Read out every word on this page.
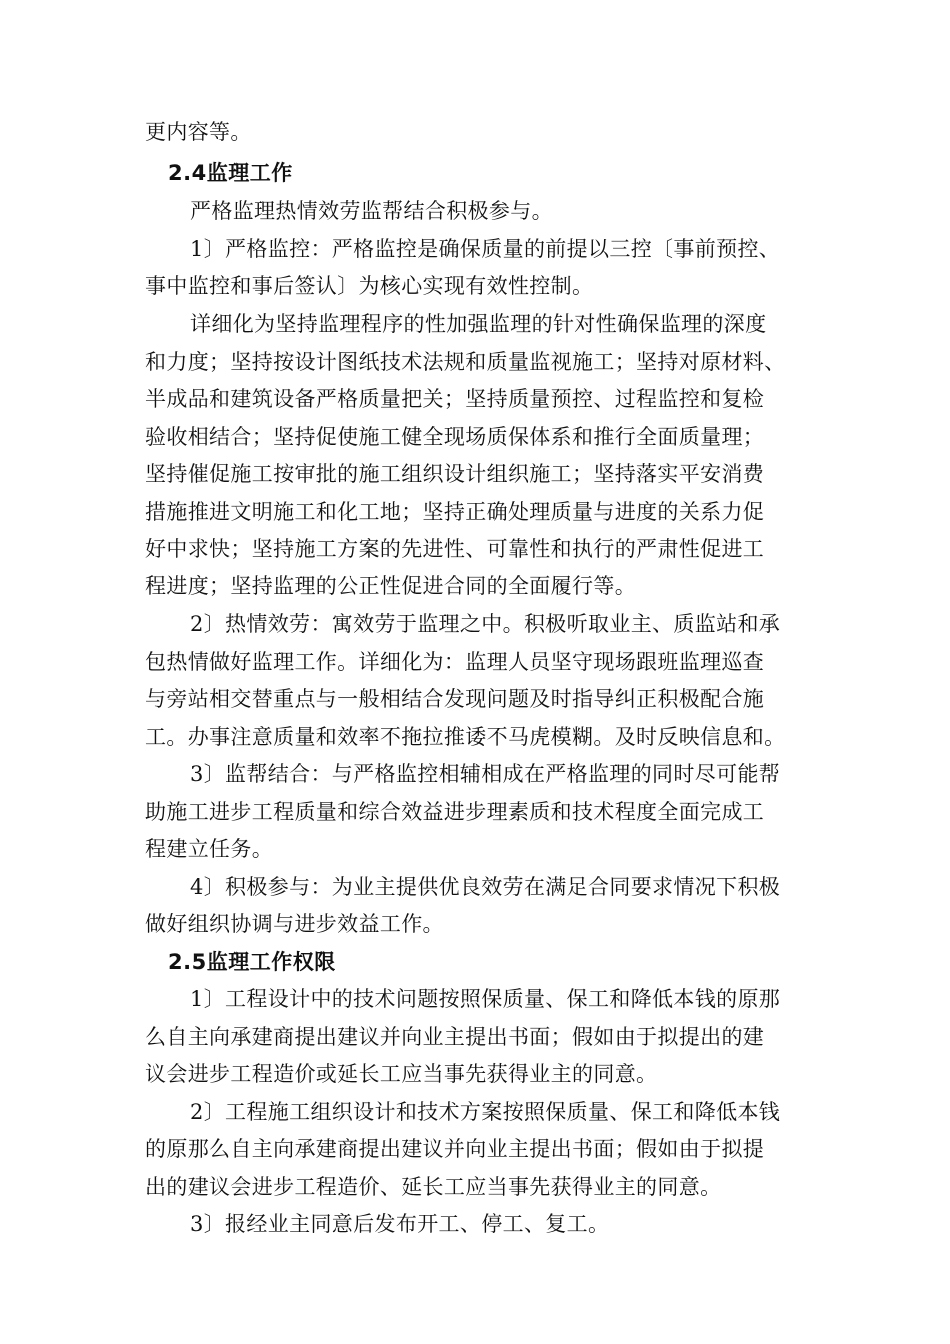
更内容等。
2.4监理工作
严格监理热情效劳监帮结合积极参与。
1〕严格监控：严格监控是确保质量的前提以三控〔事前预控、
事中监控和事后签认〕为核心实现有效性控制。
详细化为坚持监理程序的性加强监理的针对性确保监理的深度
和力度；坚持按设计图纸技术法规和质量监视施工；坚持对原材料、
半成品和建筑设备严格质量把关；坚持质量预控、过程监控和复检
验收相结合；坚持促使施工健全现场质保体系和推行全面质量理；
坚持催促施工按审批的施工组织设计组织施工；坚持落实平安消费
措施推进文明施工和化工地；坚持正确处理质量与进度的关系力促
好中求快；坚持施工方案的先进性、可靠性和执行的严肃性促进工
程进度；坚持监理的公正性促进合同的全面履行等。
2〕热情效劳：寓效劳于监理之中。积极听取业主、质监站和承
包热情做好监理工作。详细化为：监理人员坚守现场跟班监理巡查
与旁站相交替重点与一般相结合发现问题及时指导纠正积极配合施
工。办事注意质量和效率不拖拉推诿不马虎模糊。及时反映信息和。
3〕监帮结合：与严格监控相辅相成在严格监理的同时尽可能帮
助施工进步工程质量和综合效益进步理素质和技术程度全面完成工
程建立任务。
4〕积极参与：为业主提供优良效劳在满足合同要求情况下积极
做好组织协调与进步效益工作。
2.5监理工作权限
1〕工程设计中的技术问题按照保质量、保工和降低本钱的原那
么自主向承建商提出建议并向业主提出书面；假如由于拟提出的建
议会进步工程造价或延长工应当事先获得业主的同意。
2〕工程施工组织设计和技术方案按照保质量、保工和降低本钱
的原那么自主向承建商提出建议并向业主提出书面；假如由于拟提
出的建议会进步工程造价、延长工应当事先获得业主的同意。
3〕报经业主同意后发布开工、停工、复工。
